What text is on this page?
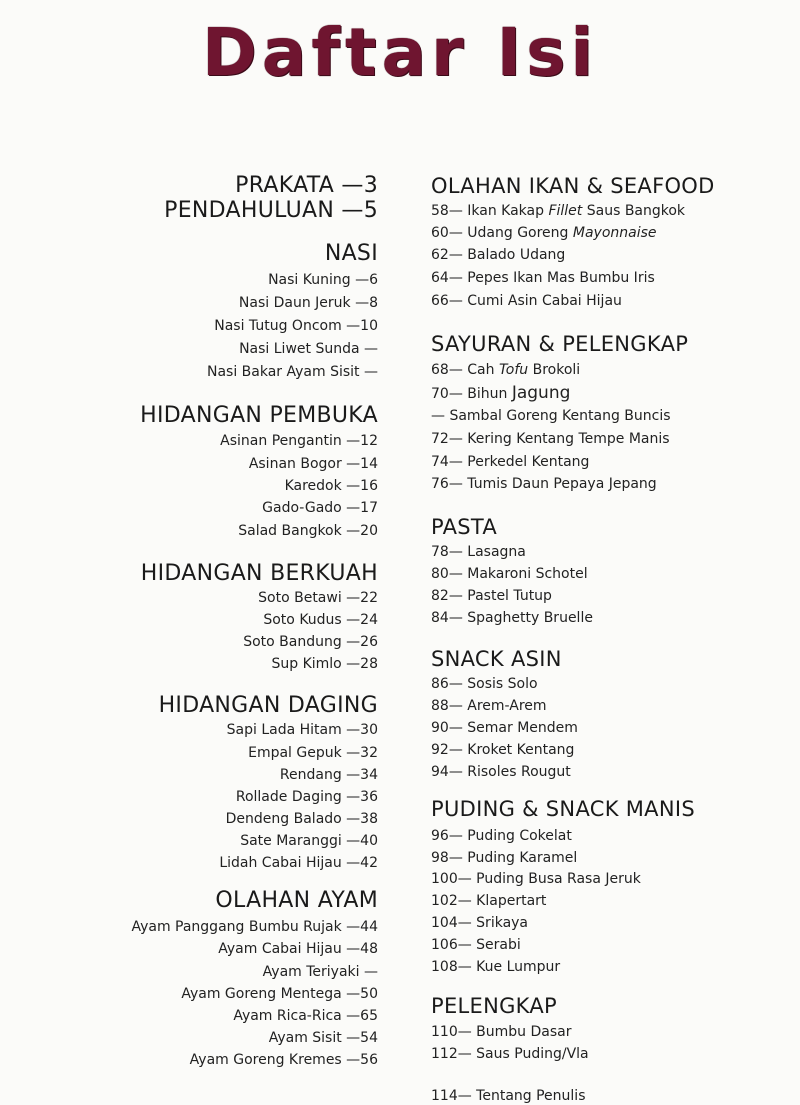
Daftar Isi
PRAKATA —3
PENDAHULUAN —5
NASI
Nasi Kuning —6
Nasi Daun Jeruk —8
Nasi Tutug Oncom —10
Nasi Liwet Sunda —
Nasi Bakar Ayam Sisit —
HIDANGAN PEMBUKA
Asinan Pengantin —12
Asinan Bogor —14
Karedok —16
Gado-Gado —17
Salad Bangkok —20
HIDANGAN BERKUAH
Soto Betawi —22
Soto Kudus —24
Soto Bandung —26
Sup Kimlo —28
HIDANGAN DAGING
Sapi Lada Hitam —30
Empal Gepuk —32
Rendang —34
Rollade Daging —36
Dendeng Balado —38
Sate Maranggi —40
Lidah Cabai Hijau —42
OLAHAN AYAM
Ayam Panggang Bumbu Rujak —44
Ayam Cabai Hijau —48
Ayam Teriyaki —
Ayam Goreng Mentega —50
Ayam Rica-Rica —65
Ayam Sisit —54
Ayam Goreng Kremes —56
OLAHAN IKAN & SEAFOOD
58— Ikan Kakap Fillet Saus Bangkok
60— Udang Goreng Mayonnaise
62— Balado Udang
64— Pepes Ikan Mas Bumbu Iris
66— Cumi Asin Cabai Hijau
SAYURAN & PELENGKAP
68— Cah Tofu Brokoli
70— Bihun Jagung
— Sambal Goreng Kentang Buncis
72— Kering Kentang Tempe Manis
74— Perkedel Kentang
76— Tumis Daun Pepaya Jepang
PASTA
78— Lasagna
80— Makaroni Schotel
82— Pastel Tutup
84— Spaghetty Bruelle
SNACK ASIN
86— Sosis Solo
88— Arem-Arem
90— Semar Mendem
92— Kroket Kentang
94— Risoles Rougut
PUDING & SNACK MANIS
96— Puding Cokelat
98— Puding Karamel
100— Puding Busa Rasa Jeruk
102— Klapertart
104— Srikaya
106— Serabi
108— Kue Lumpur
PELENGKAP
110— Bumbu Dasar
112— Saus Puding/Vla
114— Tentang Penulis
